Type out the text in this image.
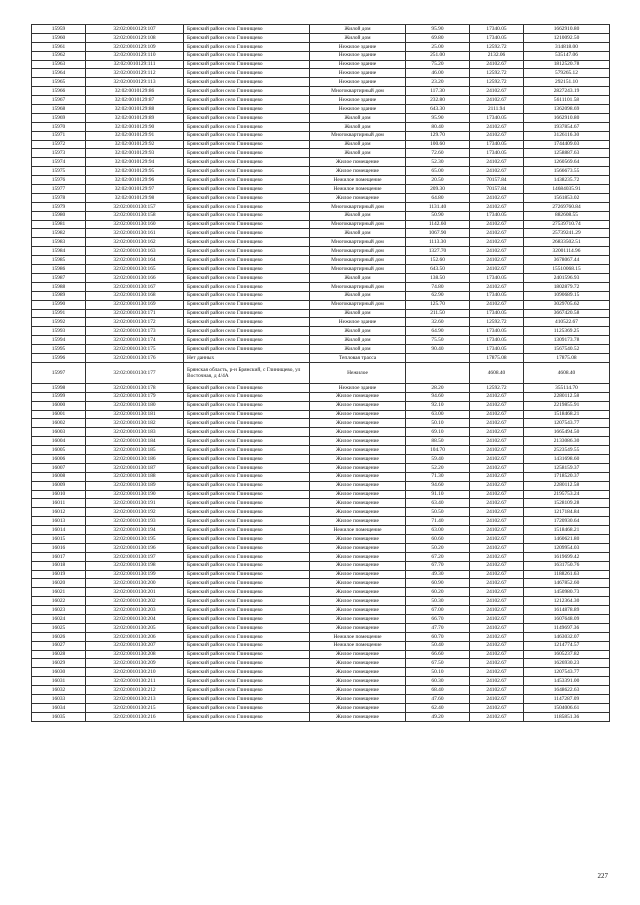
15959	32:02:0010129:107	Брянский район село Глинищево	Жилой дом	95.90	17340.05	1662910.80
15960	32:02:0010129:108	Брянский район село Глинищево	Жилой дом	69.80	17340.05	1210092.50
15961	32:02:0010129:109	Брянский район село Глинищево	Нежилое здание	25.00	12592.72	314818.00
15962	32:02:0010129:110	Брянский район село Глинищево	Нежилое здание	251.00	2132.06	535147.06
15963	32:02:0010129:111	Брянский район село Глинищево	Нежилое здание	75.20	24102.67	1812520.78
15964	32:02:0010129:112	Брянский район село Глинищево	Нежилое здание	46.00	12592.72	579265.12
15965	32:02:0010129:113	Брянский район село Глинищево	Нежилое здание	23.20	12592.72	292151.10
15966	32:02:0010129:86	Брянский район село Глинищево	Многоквартирный дом	117.30	24102.67	2827243.19
15967	32:02:0010129:87	Брянский район село Глинищево	Нежилое здание	232.80	24102.67	5611101.58
15968	32:02:0010129:88	Брянский район село Глинищево	Нежилое здание	643.30	2111.94	1362098.69
15969	32:02:0010129:89	Брянский район село Глинищево	Жилой дом	95.90	17340.05	1662910.80
15970	32:02:0010129:90	Брянский район село Глинищево	Жилой дом	80.40	24102.67	1937854.67
15971	32:02:0010129:91	Брянский район село Глинищево	Многоквартирный дом	129.70	24102.67	3126116.30
15972	32:02:0010129:92	Брянский район село Глинищево	Жилой дом	100.60	17340.05	1744409.03
15973	32:02:0010129:93	Брянский район село Глинищево	Жилой дом	72.60	17340.05	1258887.63
15974	32:02:0010129:94	Брянский район село Глинищево	Жилое помещение	52.30	24102.67	1260569.64
15975	32:02:0010129:95	Брянский район село Глинищево	Жилое помещение	65.00	24102.67	1566673.55
15976	32:02:0010129:96	Брянский район село Глинищево	Нежилое помещение	20.50	70157.84	1438235.72
15977	32:02:0010129:97	Брянский район село Глинищево	Нежилое помещение	209.30	70157.84	14684035.91
15978	32:02:0010129:98	Брянский район село Глинищево	Жилое помещение	64.80	24102.67	1561853.02
15979	32:02:0010130:157	Брянский район село Глинищево	Многоквартирный дом	1131.40	24102.67	27269760.84
15980	32:02:0010130:158	Брянский район село Глинищево	Жилой дом	50.90	17340.05	882608.55
15981	32:02:0010130:160	Брянский район село Глинищево	Многоквартирный дом	1142.60	24102.67	27539710.74
15982	32:02:0010130:161	Брянский район село Глинищево	Жилой дом	1067.90	24102.67	25739241.29
15983	32:02:0010130:162	Брянский район село Глинищево	Многоквартирный дом	1113.30	24102.67	26833502.51
15984	32:02:0010130:163	Брянский район село Глинищево	Многоквартирный дом	1327.70	24102.67	32001114.96
15985	32:02:0010130:164	Брянский район село Глинищево	Многоквартирный дом	152.60	24102.67	3678067.44
15986	32:02:0010130:165	Брянский район село Глинищево	Многоквартирный дом	643.50	24102.67	15510068.15
15987	32:02:0010130:166	Брянский район село Глинищево	Жилой дом	138.50	17340.05	2401596.93
15988	32:02:0010130:167	Брянский район село Глинищево	Многоквартирный дом	74.80	24102.67	1802879.72
15989	32:02:0010130:168	Брянский район село Глинищево	Жилой дом	62.90	17340.05	1090689.15
15990	32:02:0010130:169	Брянский район село Глинищево	Многоквартирный дом	125.70	24102.67	3029705.62
15991	32:02:0010130:171	Брянский район село Глинищево	Жилой дом	211.50	17340.05	3667420.58
15992	32:02:0010130:172	Брянский район село Глинищево	Нежилое здание	32.60	12592.72	410522.67
15993	32:02:0010130:173	Брянский район село Глинищево	Жилой дом	64.90	17340.05	1125369.25
15994	32:02:0010130:174	Брянский район село Глинищево	Жилой дом	75.50	17340.05	1309173.78
15995	32:02:0010130:175	Брянский район село Глинищево	Жилой дом	90.40	17340.05	1567540.52
15996	32:02:0010130:176	Нет данных	Тепловая трасса		17875.08	17875.08
15997	32:02:0010130:177	Брянская область, р-н Брянский, с Глинищево, ул Восточная, д 4/4А	Нежилое		4608.40	4608.40
15998	32:02:0010130:178	Брянский район село Глинищево	Нежилое здание	28.20	12592.72	355114.70
15999	32:02:0010130:179	Брянский район село Глинищево	Жилое помещение	94.60	24102.67	2280112.58
16000	32:02:0010130:180	Брянский район село Глинищево	Жилое помещение	92.10	24102.67	2219855.91
16001	32:02:0010130:181	Брянский район село Глинищево	Жилое помещение	63.00	24102.67	1518468.21
16002	32:02:0010130:182	Брянский район село Глинищево	Жилое помещение	50.10	24102.67	1207543.77
16003	32:02:0010130:183	Брянский район село Глинищево	Жилое помещение	69.10	24102.67	1665494.50
16004	32:02:0010130:184	Брянский район село Глинищево	Жилое помещение	88.50	24102.67	2133086.30
16005	32:02:0010130:185	Брянский район село Глинищево	Жилое помещение	104.70	24102.67	2523549.55
16006	32:02:0010130:186	Брянский район село Глинищево	Жилое помещение	59.40	24102.67	1431698.60
16007	32:02:0010130:187	Брянский район село Глинищево	Жилое помещение	52.20	24102.67	1258159.37
16008	32:02:0010130:188	Брянский район село Глинищево	Жилое помещение	71.30	24102.67	1718520.37
16009	32:02:0010130:189	Брянский район село Глинищево	Жилое помещение	94.60	24102.67	2280112.58
16010	32:02:0010130:190	Брянский район село Глинищево	Жилое помещение	91.10	24102.67	2195753.24
16011	32:02:0010130:191	Брянский район село Глинищево	Жилое помещение	63.40	24102.67	1528109.28
16012	32:02:0010130:192	Брянский район село Глинищево	Жилое помещение	50.50	24102.67	1217184.84
16013	32:02:0010130:193	Брянский район село Глинищево	Жилое помещение	71.40	24102.67	1720930.64
16014	32:02:0010130:194	Брянский район село Глинищево	Нежилое помещение	63.00	24102.67	1518468.21
16015	32:02:0010130:195	Брянский район село Глинищево	Жилое помещение	60.60	24102.67	1460621.80
16016	32:02:0010130:196	Брянский район село Глинищево	Жилое помещение	50.20	24102.67	1209954.03
16017	32:02:0010130:197	Брянский район село Глинищево	Жилое помещение	67.20	24102.67	1619699.42
16018	32:02:0010130:198	Брянский район село Глинищево	Жилое помещение	67.70	24102.67	1631750.76
16019	32:02:0010130:199	Брянский район село Глинищево	Жилое помещение	49.30	24102.67	1188261.63
16020	32:02:0010130:200	Брянский район село Глинищево	Жилое помещение	60.90	24102.67	1467852.60
16021	32:02:0010130:201	Брянский район село Глинищево	Жилое помещение	60.20	24102.67	1450980.73
16022	32:02:0010130:202	Брянский район село Глинищево	Жилое помещение	50.30	24102.67	1212364.30
16023	32:02:0010130:203	Брянский район село Глинищево	Жилое помещение	67.00	24102.67	1614878.89
16024	32:02:0010130:204	Брянский район село Глинищево	Жилое помещение	66.70	24102.67	1607648.09
16025	32:02:0010130:205	Брянский район село Глинищево	Жилое помещение	47.70	24102.67	1149697.36
16026	32:02:0010130:206	Брянский район село Глинищево	Нежилое помещение	60.70	24102.67	1463032.07
16027	32:02:0010130:207	Брянский район село Глинищево	Нежилое помещение	50.40	24102.67	1214774.57
16028	32:02:0010130:208	Брянский район село Глинищево	Жилое помещение	66.60	24102.67	1605237.82
16029	32:02:0010130:209	Брянский район село Глинищево	Жилое помещение	67.50	24102.67	1626930.23
16030	32:02:0010130:210	Брянский район село Глинищево	Жилое помещение	50.10	24102.67	1207543.77
16031	32:02:0010130:211	Брянский район село Глинищево	Жилое помещение	60.30	24102.67	1453391.00
16032	32:02:0010130:212	Брянский район село Глинищево	Жилое помещение	68.40	24102.67	1648622.63
16033	32:02:0010130:213	Брянский район село Глинищево	Жилое помещение	47.60	24102.67	1147287.09
16034	32:02:0010130:215	Брянский район село Глинищево	Жилое помещение	62.40	24102.67	1504006.61
16035	32:02:0010130:216	Брянский район село Глинищево	Жилое помещение	49.20	24102.67	1185851.36
227
